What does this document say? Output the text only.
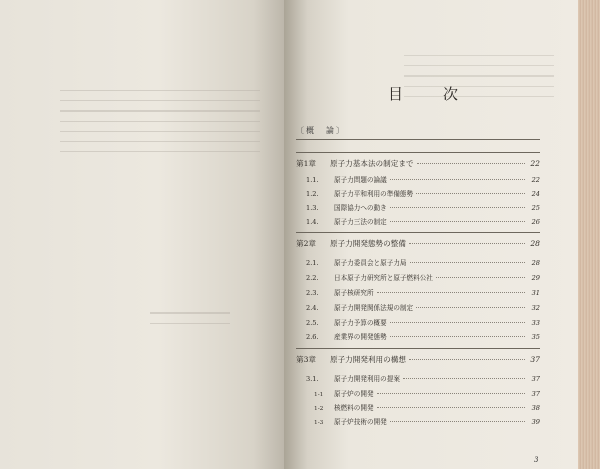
目	次
〔概　論〕
第1章	原子力基本法の制定まで	22
1.1.	原子力問題の論議	22
1.2.	原子力平和利用の準備態勢	24
1.3.	国際協力への動き	25
1.4.	原子力三法の制定	26
第2章	原子力開発態勢の整備	28
2.1.	原子力委員会と原子力局	28
2.2.	日本原子力研究所と原子燃料公社	29
2.3.	原子核研究所	31
2.4.	原子力開発関係法規の制定	32
2.5.	原子力予算の概要	33
2.6.	産業界の開発態勢	35
第3章	原子力開発利用の構想	37
3.1.	原子力開発利用の提案	37
1-1	原子炉の開発	37
1-2	核燃料の開発	38
1-3	原子炉技術の開発	39
3
